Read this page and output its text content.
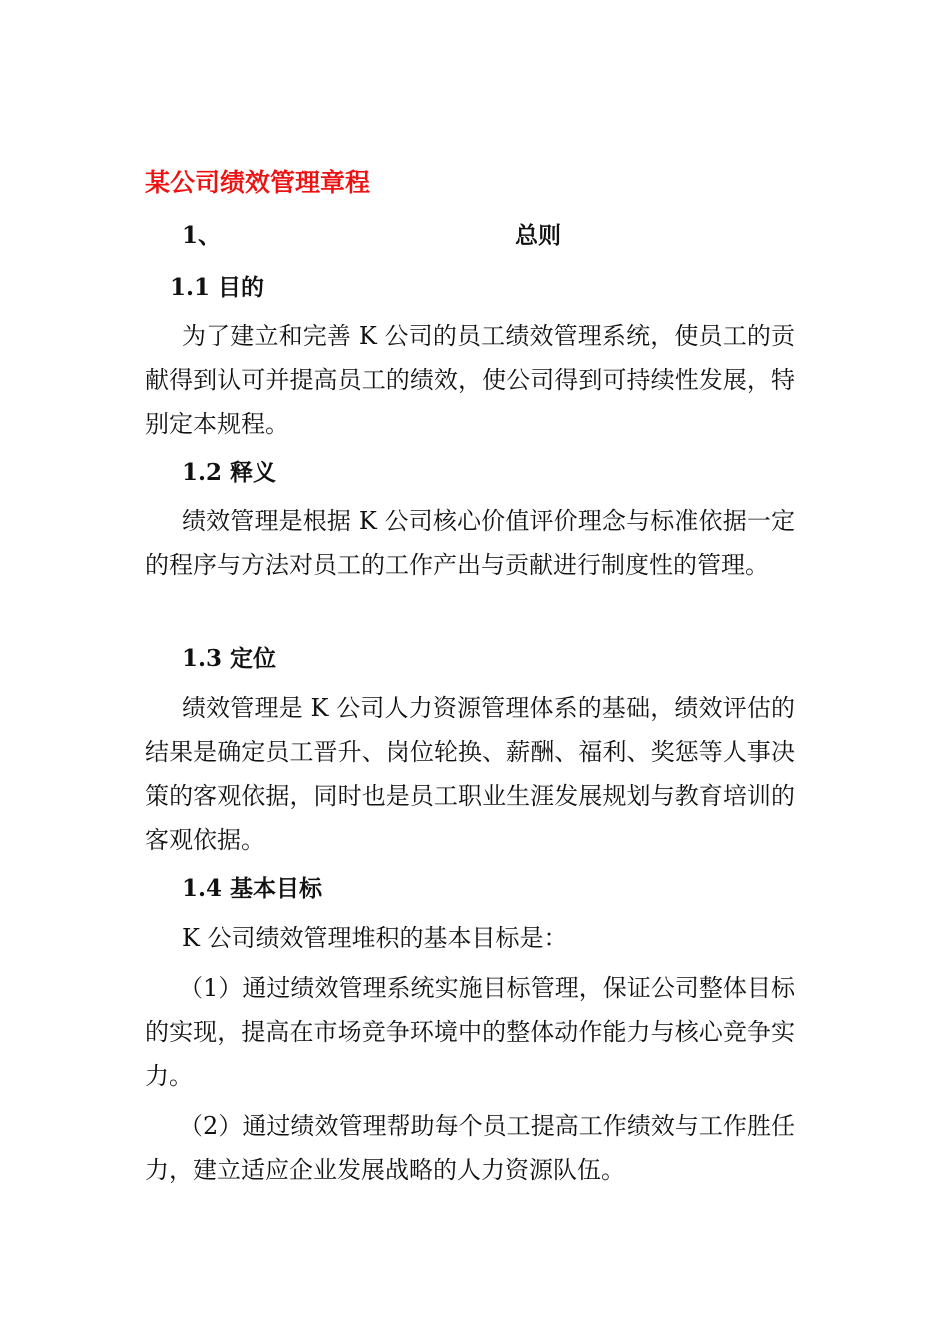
某公司绩效管理章程
1、	总则
1.1 目的

为了建立和完善 K 公司的员工绩效管理系统，使员工的贡献得到认可并提高员工的绩效，使公司得到可持续性发展，特别定本规程。

1.2 释义

绩效管理是根据 K 公司核心价值评价理念与标准依据一定的程序与方法对员工的工作产出与贡献进行制度性的管理。

1.3 定位

绩效管理是 K 公司人力资源管理体系的基础，绩效评估的结果是确定员工晋升、岗位轮换、薪酬、福利、奖惩等人事决策的客观依据，同时也是员工职业生涯发展规划与教育培训的客观依据。

1.4 基本目标

K 公司绩效管理堆积的基本目标是：

（1）通过绩效管理系统实施目标管理，保证公司整体目标的实现，提高在市场竞争环境中的整体动作能力与核心竞争实力。

（2）通过绩效管理帮助每个员工提高工作绩效与工作胜任力，建立适应企业发展战略的人力资源队伍。
